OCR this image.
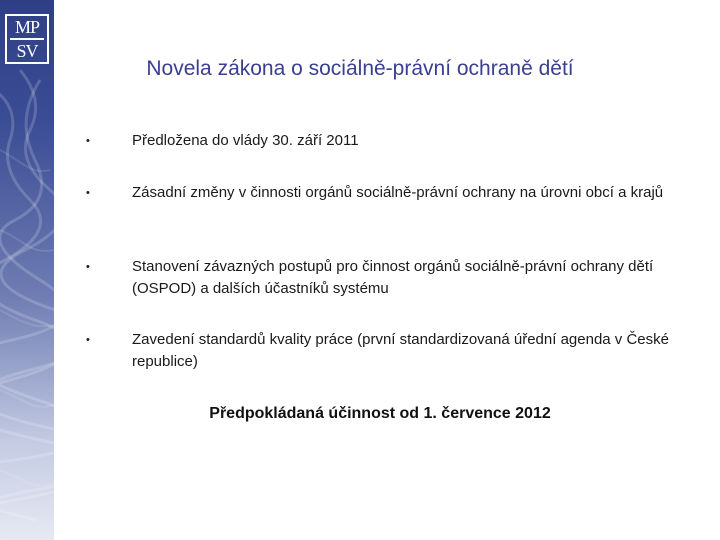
MP
SV
Novela zákona o sociálně-právní ochraně dětí
•	Předložena do vlády 30. září 2011
•	Zásadní změny v činnosti orgánů sociálně-právní ochrany na úrovni obcí a krajů
•	Stanovení závazných postupů pro činnost orgánů sociálně-právní ochrany dětí (OSPOD) a dalších účastníků systému
•	Zavedení standardů kvality práce (první standardizovaná úřední agenda v České republice)
Předpokládaná účinnost od 1. července 2012
